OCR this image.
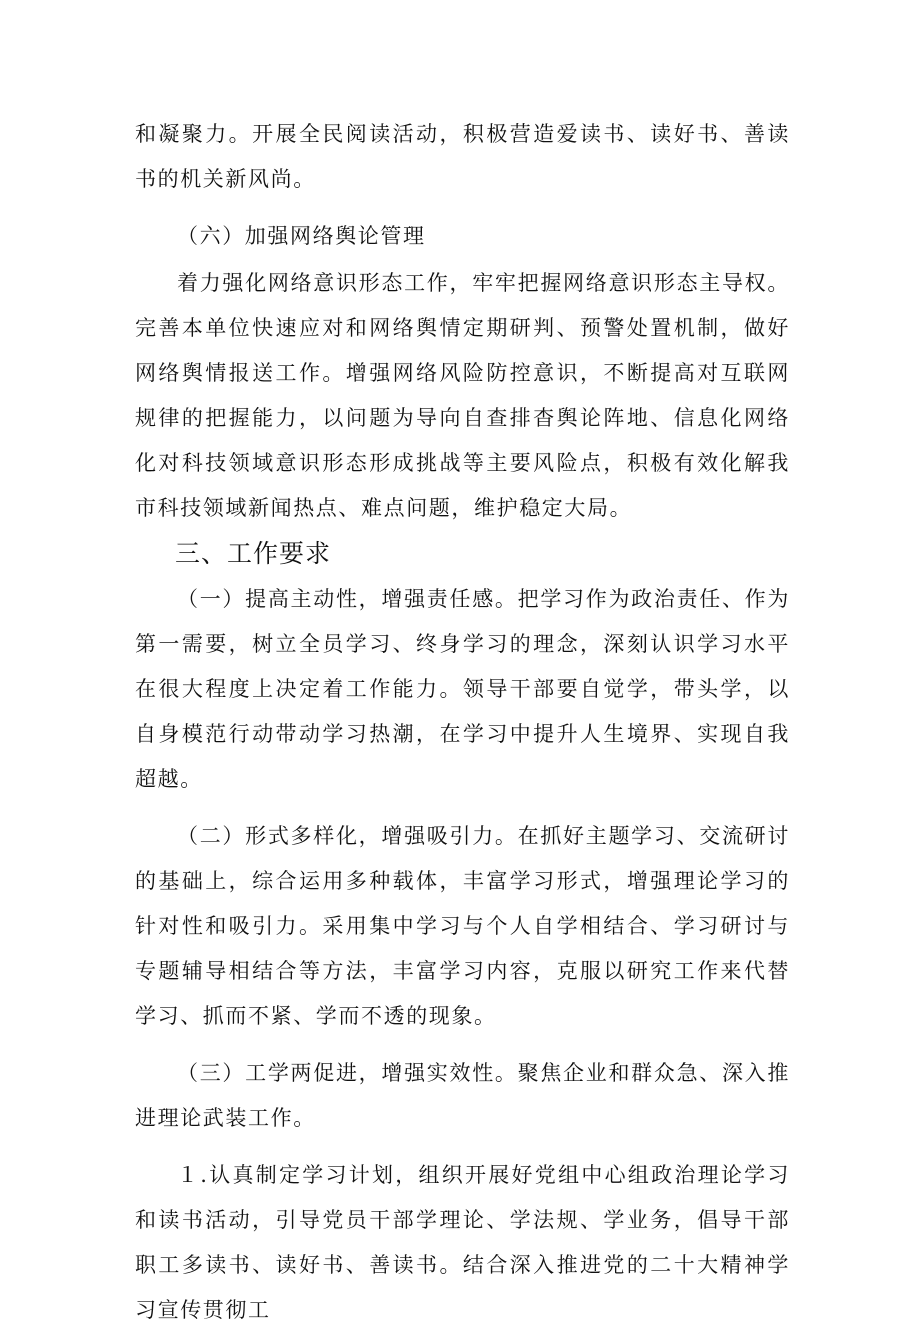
和凝聚力。开展全民阅读活动，积极营造爱读书、读好书、善读书的机关新风尚。

（六）加强网络舆论管理

着力强化网络意识形态工作，牢牢把握网络意识形态主导权。完善本单位快速应对和网络舆情定期研判、预警处置机制，做好网络舆情报送工作。增强网络风险防控意识，不断提高对互联网规律的把握能力，以问题为导向自查排杳舆论阵地、信息化网络化对科技领域意识形态形成挑战等主要风险点，积极有效化解我市科技领域新闻热点、难点问题，维护稳定大局。

三、工作要求

（一）提高主动性，增强责任感。把学习作为政治责任、作为第一需要，树立全员学习、终身学习的理念，深刻认识学习水平在很大程度上决定着工作能力。领导干部要自觉学，带头学，以自身模范行动带动学习热潮，在学习中提升人生境界、实现自我超越。

（二）形式多样化，增强吸引力。在抓好主题学习、交流研讨的基础上，综合运用多种载体，丰富学习形式，增强理论学习的针对性和吸引力。采用集中学习与个人自学相结合、学习研讨与专题辅导相结合等方法，丰富学习内容，克服以研究工作来代替学习、抓而不紧、学而不透的现象。

（三）工学两促进，增强实效性。聚焦企业和群众急、深入推进理论武装工作。

１.认真制定学习计划，组织开展好党组中心组政治理论学习和读书活动，引导党员干部学理论、学法规、学业务，倡导干部职工多读书、读好书、善读书。结合深入推进党的二十大精神学习宣传贯彻工
